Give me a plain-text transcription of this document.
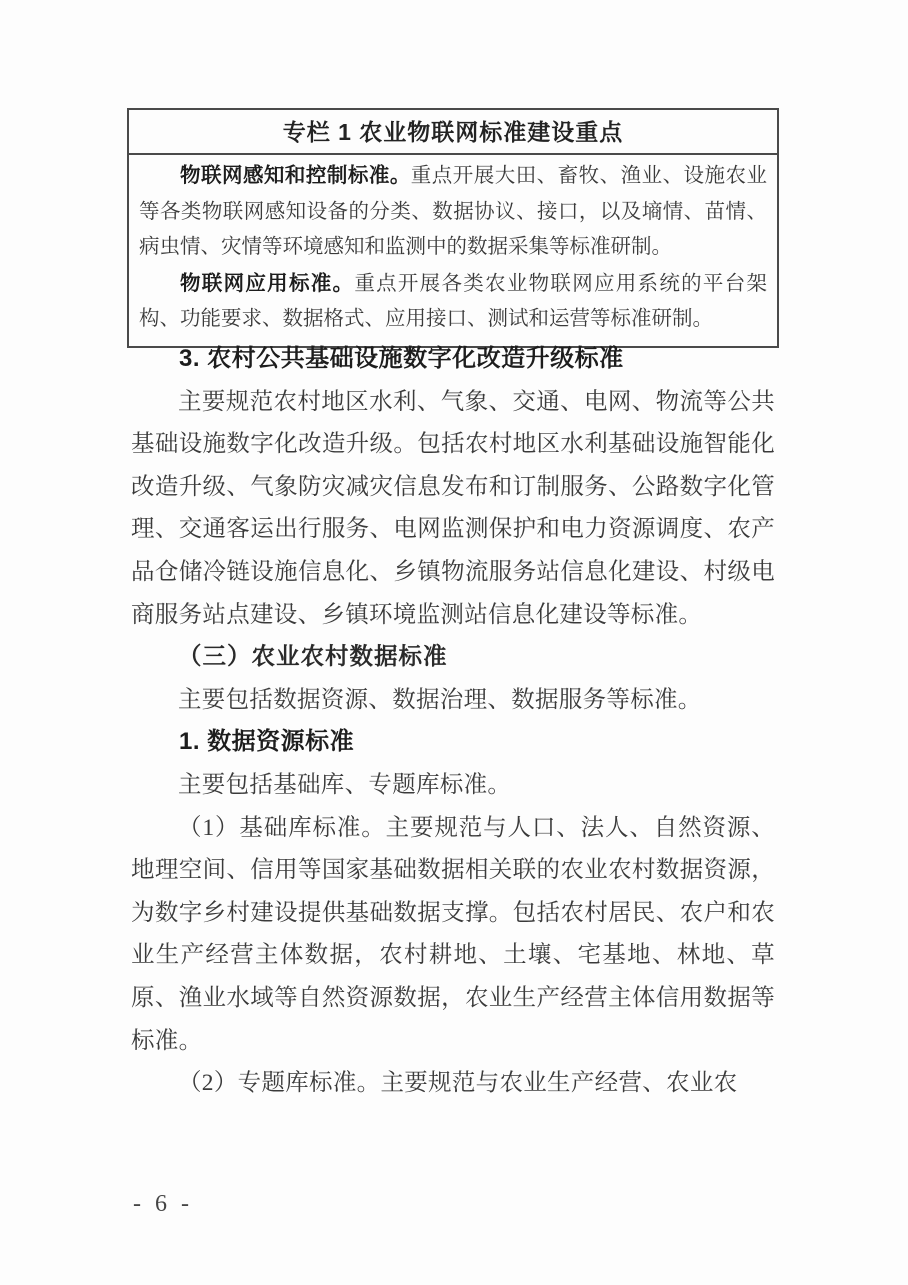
专栏 1 农业物联网标准建设重点

物联网感知和控制标准。重点开展大田、畜牧、渔业、设施农业等各类物联网感知设备的分类、数据协议、接口，以及墒情、苗情、病虫情、灾情等环境感知和监测中的数据采集等标准研制。

物联网应用标准。重点开展各类农业物联网应用系统的平台架构、功能要求、数据格式、应用接口、测试和运营等标准研制。

3. 农村公共基础设施数字化改造升级标准

主要规范农村地区水利、气象、交通、电网、物流等公共基础设施数字化改造升级。包括农村地区水利基础设施智能化改造升级、气象防灾减灾信息发布和订制服务、公路数字化管理、交通客运出行服务、电网监测保护和电力资源调度、农产品仓储冷链设施信息化、乡镇物流服务站信息化建设、村级电商服务站点建设、乡镇环境监测站信息化建设等标准。

（三）农业农村数据标准

主要包括数据资源、数据治理、数据服务等标准。

1. 数据资源标准

主要包括基础库、专题库标准。

（1）基础库标准。主要规范与人口、法人、自然资源、地理空间、信用等国家基础数据相关联的农业农村数据资源，为数字乡村建设提供基础数据支撑。包括农村居民、农户和农业生产经营主体数据，农村耕地、土壤、宅基地、林地、草原、渔业水域等自然资源数据，农业生产经营主体信用数据等标准。

（2）专题库标准。主要规范与农业生产经营、农业农

- 6 -
